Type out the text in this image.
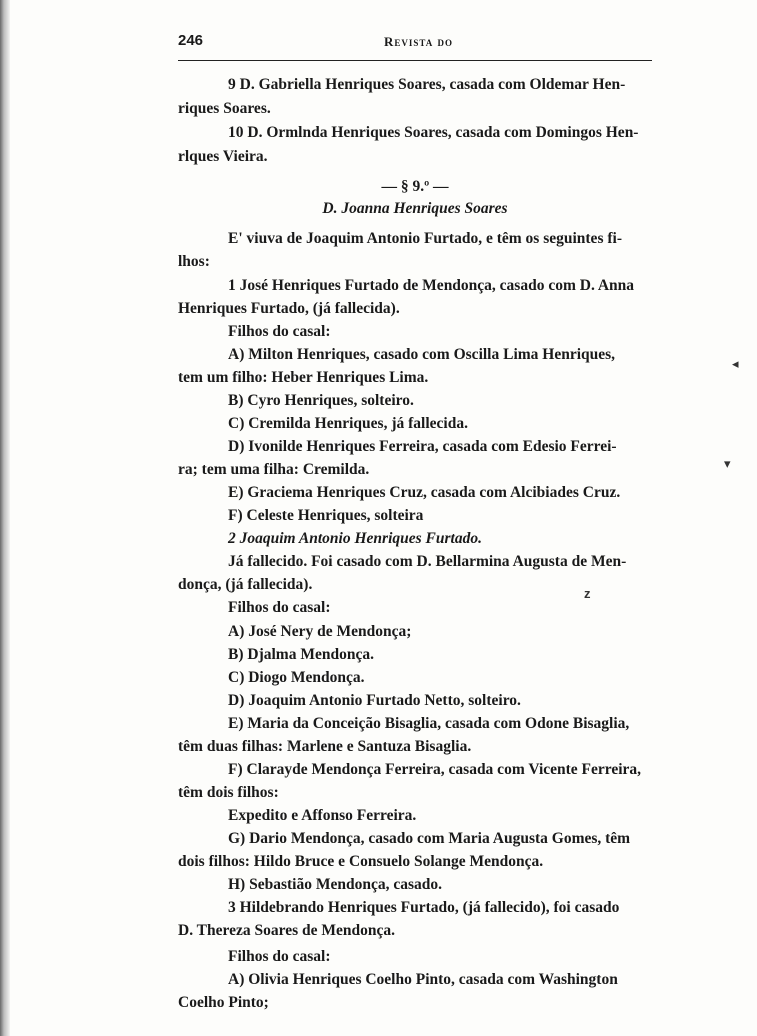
246	Revista do
9 D. Gabriella Henriques Soares, casada com Oldemar Hen-
riques Soares.
10 D. Ormlnda Henriques Soares, casada com Domingos Hen-
rlques Vieira.
— § 9.º —
D. Joanna Henriques Soares
E' viuva de Joaquim Antonio Furtado, e têm os seguintes fi-
lhos:
1 José Henriques Furtado de Mendonça, casado com D. Anna
Henriques Furtado, (já fallecida).
Filhos do casal:
A) Milton Henriques, casado com Oscilla Lima Henriques,
tem um filho: Heber Henriques Lima.
B) Cyro Henriques, solteiro.
C) Cremilda Henriques, já fallecida.
D) Ivonilde Henriques Ferreira, casada com Edesio Ferrei-
ra; tem uma filha: Cremilda.
E) Graciema Henriques Cruz, casada com Alcibiades Cruz.
F) Celeste Henriques, solteira
2 Joaquim Antonio Henriques Furtado.
Já fallecido. Foi casado com D. Bellarmina Augusta de Men-
donça, (já fallecida).
Filhos do casal:
A) José Nery de Mendonça;
B) Djalma Mendonça.
C) Diogo Mendonça.
D) Joaquim Antonio Furtado Netto, solteiro.
E) Maria da Conceição Bisaglia, casada com Odone Bisaglia,
têm duas filhas: Marlene e Santuza Bisaglia.
F) Clarayde Mendonça Ferreira, casada com Vicente Ferreira,
têm dois filhos:
Expedito e Affonso Ferreira.
G) Dario Mendonça, casado com Maria Augusta Gomes, têm
dois filhos: Hildo Bruce e Consuelo Solange Mendonça.
H) Sebastião Mendonça, casado.
3 Hildebrando Henriques Furtado, (já fallecido), foi casado
D. Thereza Soares de Mendonça.
Filhos do casal:
A) Olivia Henriques Coelho Pinto, casada com Washington
Coelho Pinto;
z
◂
▾
